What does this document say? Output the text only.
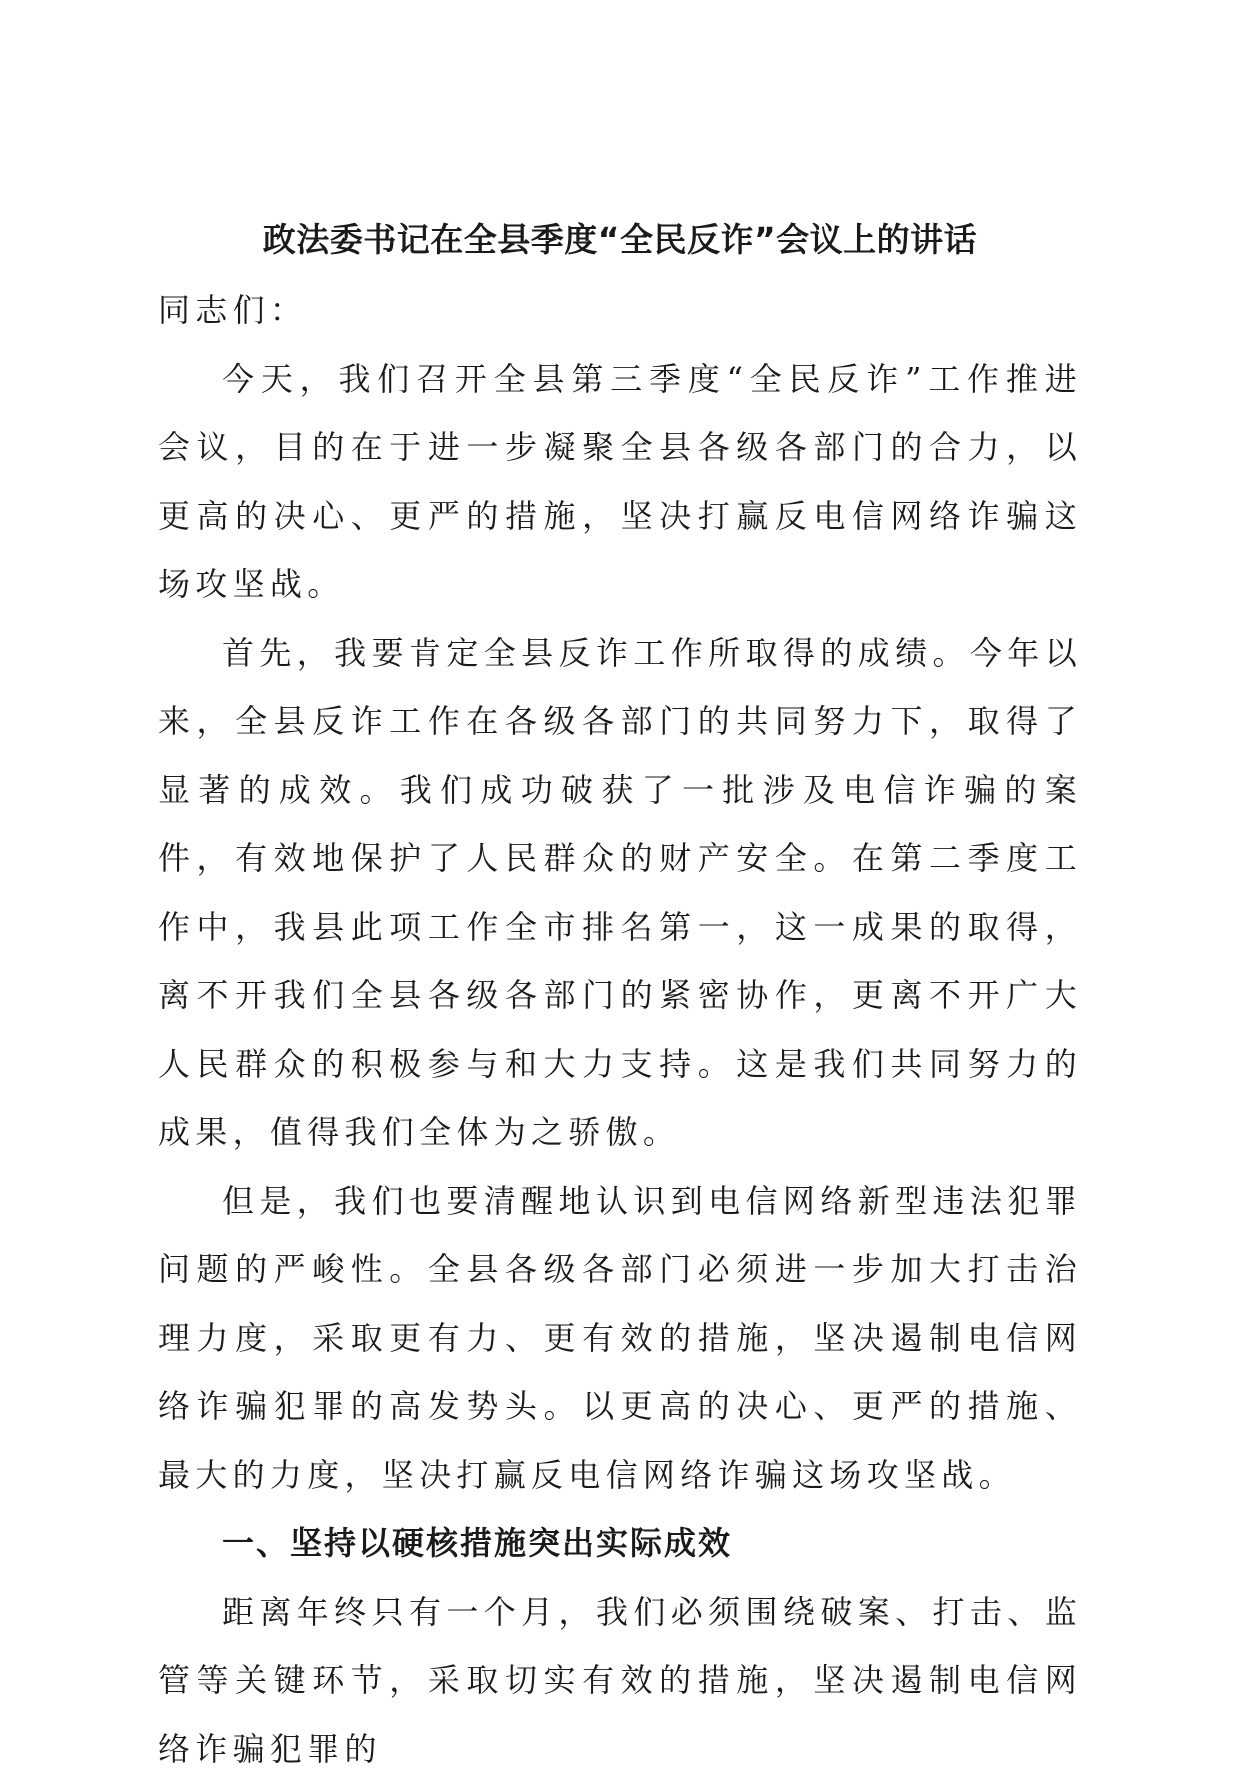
政法委书记在全县季度“全民反诈”会议上的讲话

同志们：

今天，我们召开全县第三季度“全民反诈”工作推进会议，目的在于进一步凝聚全县各级各部门的合力，以更高的决心、更严的措施，坚决打赢反电信网络诈骗这场攻坚战。

首先，我要肯定全县反诈工作所取得的成绩。今年以来，全县反诈工作在各级各部门的共同努力下，取得了显著的成效。我们成功破获了一批涉及电信诈骗的案件，有效地保护了人民群众的财产安全。在第二季度工作中，我县此项工作全市排名第一，这一成果的取得，离不开我们全县各级各部门的紧密协作，更离不开广大人民群众的积极参与和大力支持。这是我们共同努力的成果，值得我们全体为之骄傲。

但是，我们也要清醒地认识到电信网络新型违法犯罪问题的严峻性。全县各级各部门必须进一步加大打击治理力度，采取更有力、更有效的措施，坚决遏制电信网络诈骗犯罪的高发势头。以更高的决心、更严的措施、最大的力度，坚决打赢反电信网络诈骗这场攻坚战。

一、坚持以硬核措施突出实际成效

距离年终只有一个月，我们必须围绕破案、打击、监管等关键环节，采取切实有效的措施，坚决遏制电信网络诈骗犯罪的
